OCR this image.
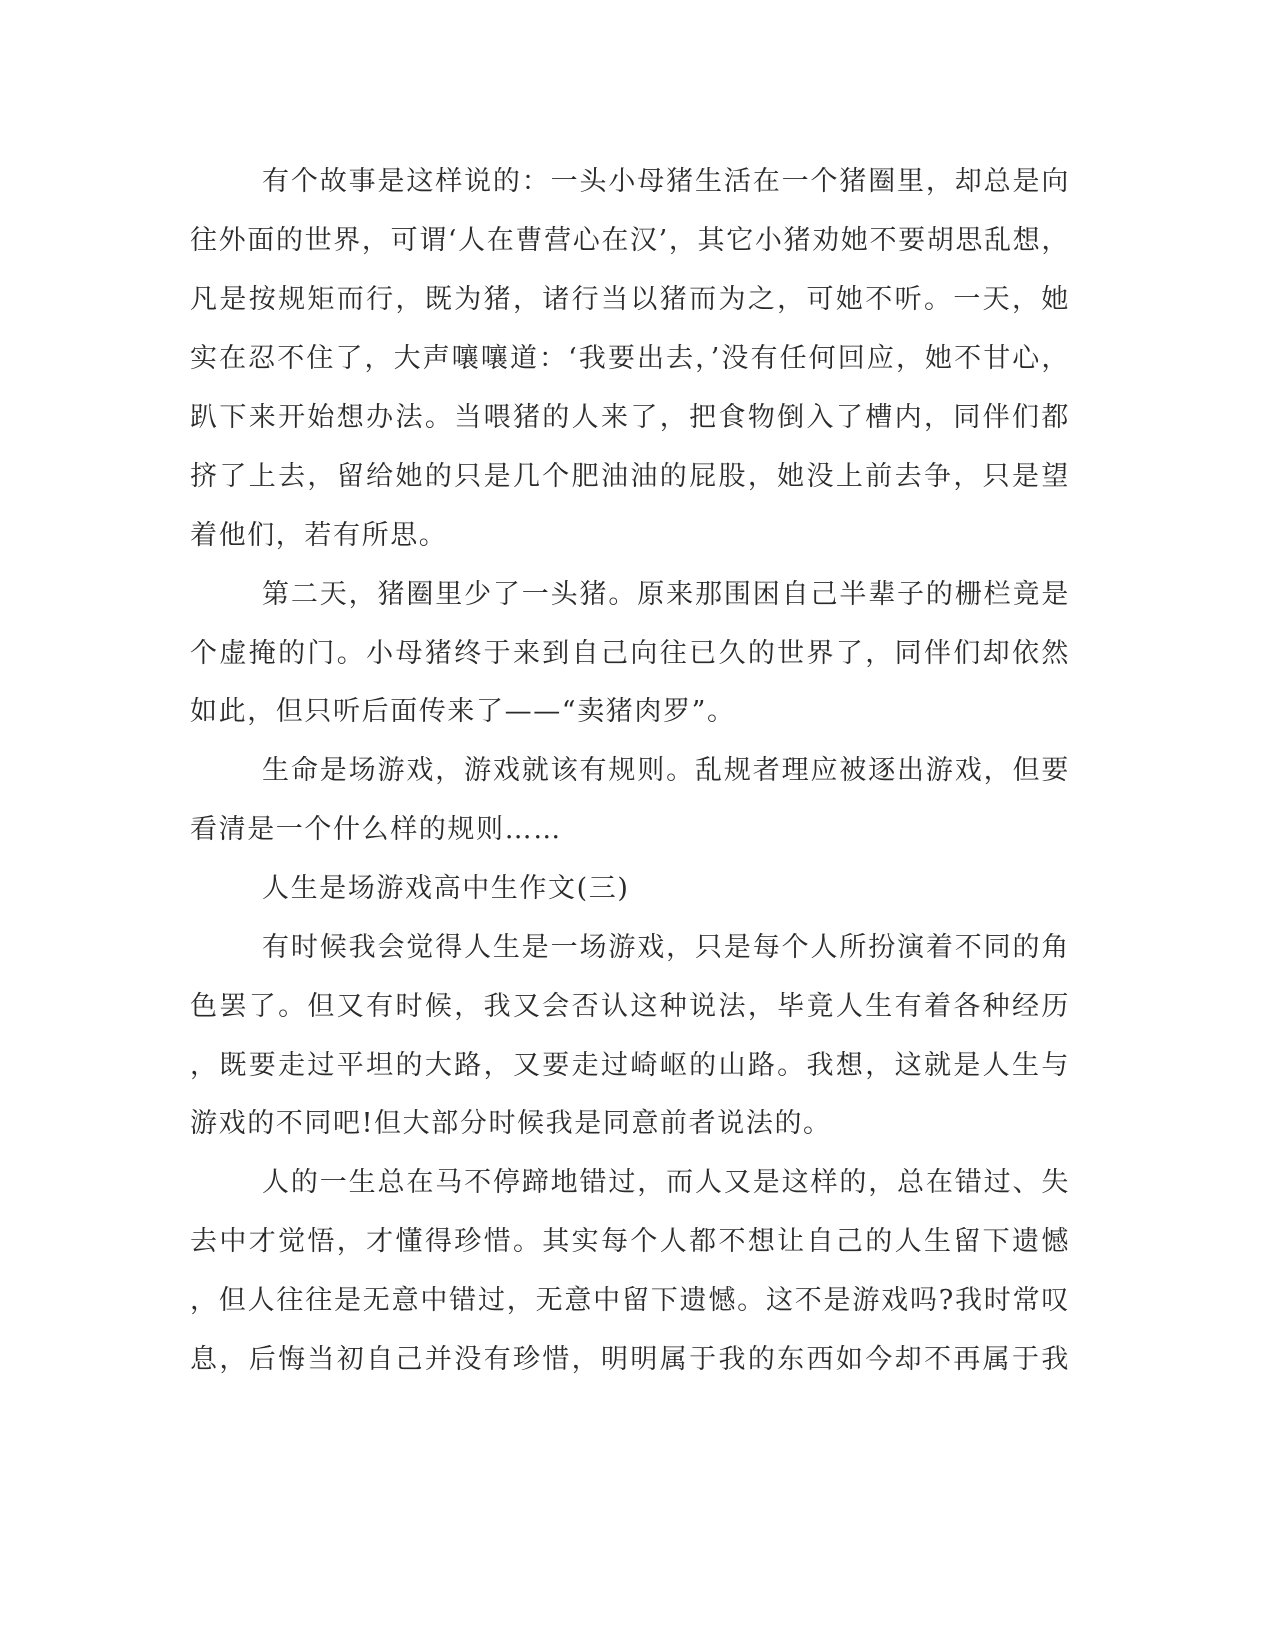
有个故事是这样说的：一头小母猪生活在一个猪圈里，却总是向
往外面的世界，可谓‘人在曹营心在汉’，其它小猪劝她不要胡思乱想，
凡是按规矩而行，既为猪，诸行当以猪而为之，可她不听。一天，她
实在忍不住了，大声嚷嚷道：‘我要出去，’没有任何回应，她不甘心，
趴下来开始想办法。当喂猪的人来了，把食物倒入了槽内，同伴们都
挤了上去，留给她的只是几个肥油油的屁股，她没上前去争，只是望
着他们，若有所思。
第二天，猪圈里少了一头猪。原来那围困自己半辈子的栅栏竟是
个虚掩的门。小母猪终于来到自己向往已久的世界了，同伴们却依然
如此，但只听后面传来了——“卖猪肉罗”。
生命是场游戏，游戏就该有规则。乱规者理应被逐出游戏，但要
看清是一个什么样的规则……
人生是场游戏高中生作文(三)
有时候我会觉得人生是一场游戏，只是每个人所扮演着不同的角
色罢了。但又有时候，我又会否认这种说法，毕竟人生有着各种经历
，既要走过平坦的大路，又要走过崎岖的山路。我想，这就是人生与
游戏的不同吧!但大部分时候我是同意前者说法的。
人的一生总在马不停蹄地错过，而人又是这样的，总在错过、失
去中才觉悟，才懂得珍惜。其实每个人都不想让自己的人生留下遗憾
，但人往往是无意中错过，无意中留下遗憾。这不是游戏吗?我时常叹
息，后悔当初自己并没有珍惜，明明属于我的东西如今却不再属于我
